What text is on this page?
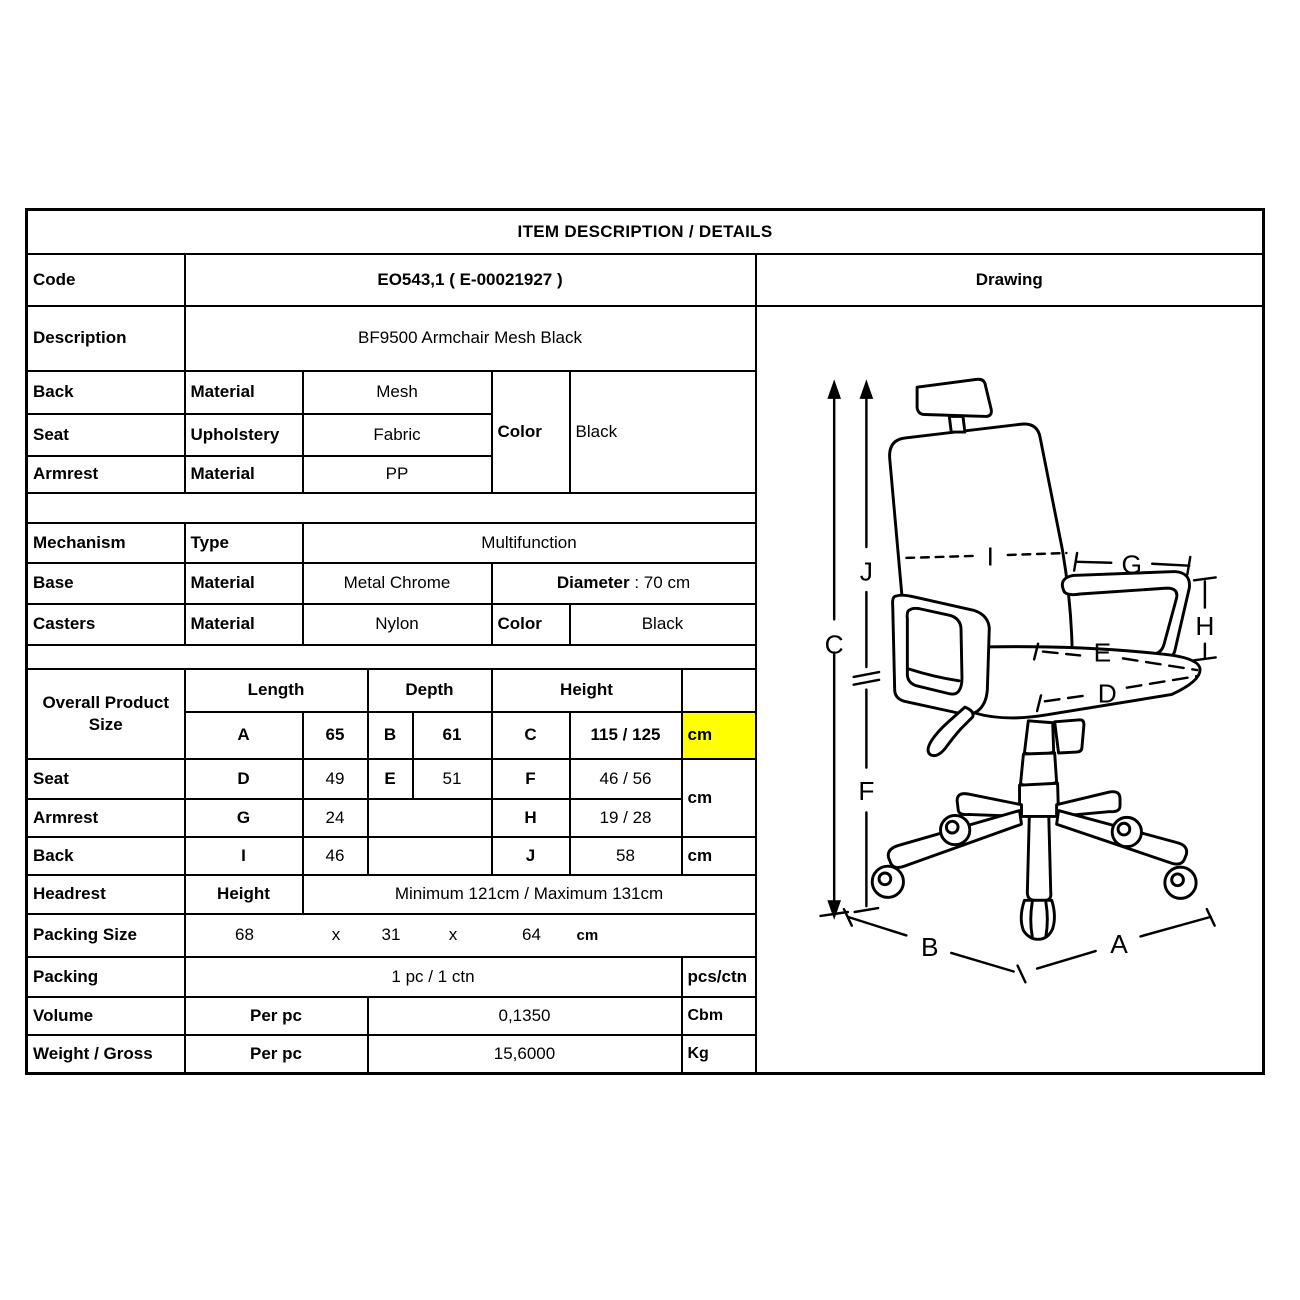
ITEM DESCRIPTION / DETAILS								
Code	EO543,1 ( E-00021927 )							Drawing
Description	BF9500 Armchair Mesh Black	
C
J
F
G
H
I
E
D
B	A

Back	Material	Mesh			Color	Black		
Seat	Upholstery	Fabric						
Armrest	Material	PP						

Mechanism	Type	Multifunction						
Base	Material	Metal Chrome			Diameter : 70 cm			
Casters	Material	Nylon			Color	Black		

Overall Product Size	Length		Depth		Height			
	A	65	B	61	C	115 / 125	cm	
Seat	D	49	E	51	F	46 / 56	cm	
Armrest	G	24			H	19 / 28		
Back	I	46			J	58	cm	
Headrest	Height	Minimum 121cm / Maximum 131cm						
Packing Size	68	x	31	x	64	cm

Packing	1 pc / 1 ctn						pcs/ctn	
Volume	Per pc		0,1350				Cbm	
Weight / Gross	Per pc		15,6000				Kg	
